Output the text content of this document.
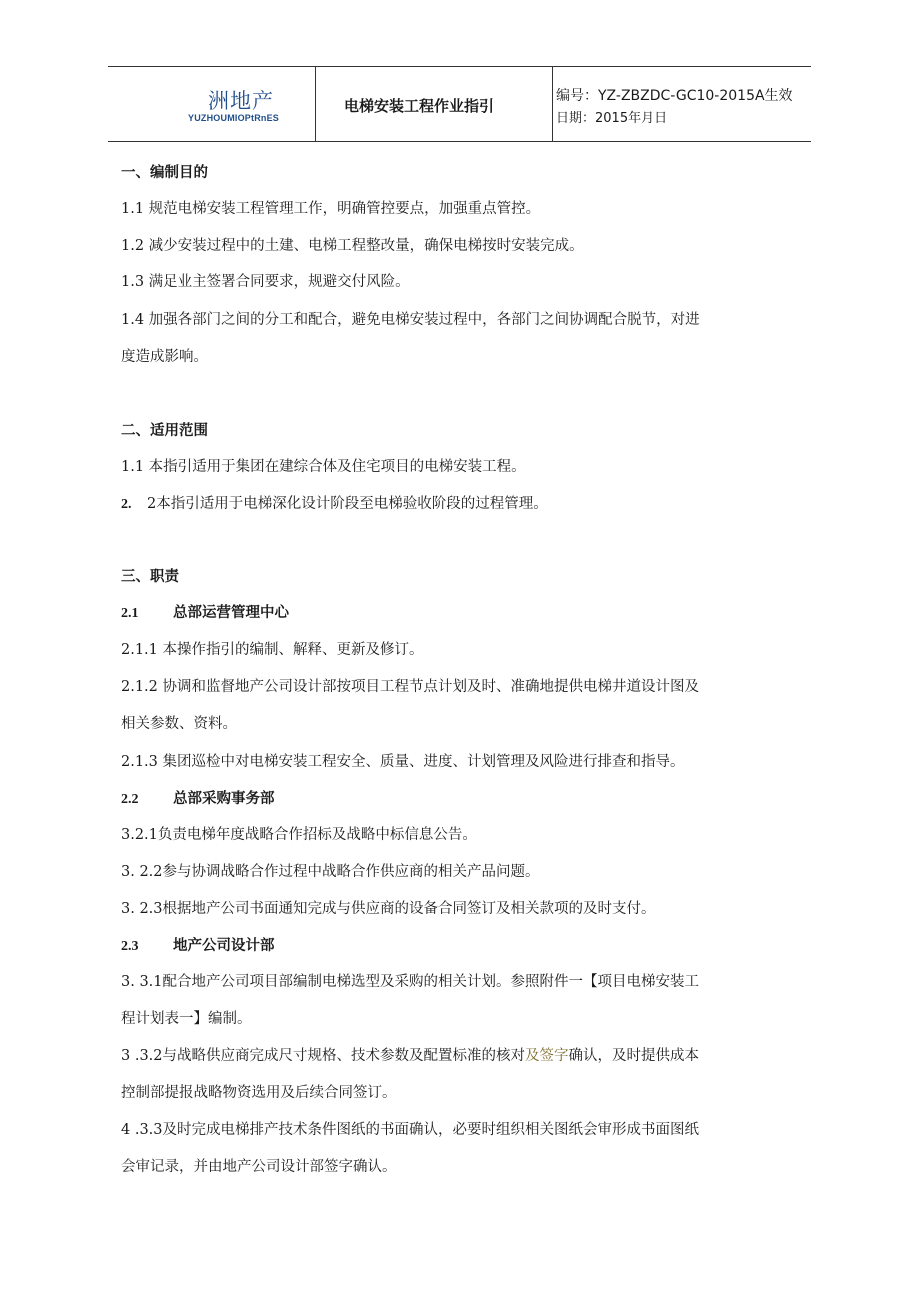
洲地产
YUZHOUMIOPtRnES
电梯安装工程作业指引
编号：YZ-ZBZDC-GC10-2015A生效
日期：2015年月日
一、编制目的
1.1 规范电梯安装工程管理工作，明确管控要点，加强重点管控。
1.2 减少安装过程中的土建、电梯工程整改量，确保电梯按时安装完成。
1.3 满足业主签署合同要求，规避交付风险。
1.4 加强各部门之间的分工和配合，避免电梯安装过程中，各部门之间协调配合脱节，对进
度造成影响。
二、适用范围
1.1 本指引适用于集团在建综合体及住宅项目的电梯安装工程。
2. 2本指引适用于电梯深化设计阶段至电梯验收阶段的过程管理。
三、职责
2.1 总部运营管理中心
2.1.1 本操作指引的编制、解释、更新及修订。
2.1.2 协调和监督地产公司设计部按项目工程节点计划及时、准确地提供电梯井道设计图及
相关参数、资料。
2.1.3 集团巡检中对电梯安装工程安全、质量、进度、计划管理及风险进行排查和指导。
2.2 总部采购事务部
3.2.1负责电梯年度战略合作招标及战略中标信息公告。
3. 2.2参与协调战略合作过程中战略合作供应商的相关产品问题。
3. 2.3根据地产公司书面通知完成与供应商的设备合同签订及相关款项的及时支付。
2.3 地产公司设计部
3. 3.1配合地产公司项目部编制电梯选型及采购的相关计划。参照附件一【项目电梯安装工
程计划表一】编制。
3 .3.2与战略供应商完成尺寸规格、技术参数及配置标准的核对及签字确认，及时提供成本
控制部提报战略物资选用及后续合同签订。
4 .3.3及时完成电梯排产技术条件图纸的书面确认，必要时组织相关图纸会审形成书面图纸
会审记录，并由地产公司设计部签字确认。
